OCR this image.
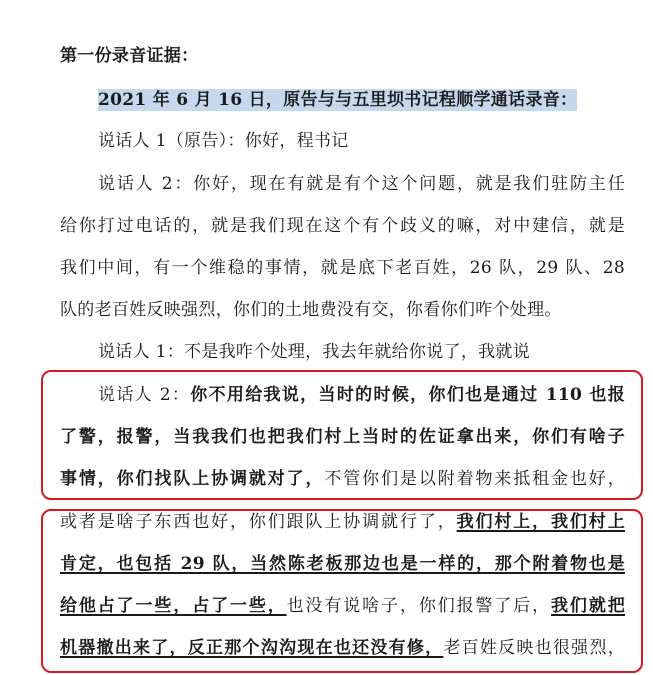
第一份录音证据：
2021 年 6 月 16 日，原告与与五里坝书记程顺学通话录音：
说话人 1（原告）：你好，程书记
说话人 2：你好，现在有就是有个这个问题，就是我们驻防主任
给你打过电话的，就是我们现在这个有个歧义的嘛，对中建信，就是
我们中间，有一个维稳的事情，就是底下老百姓，26 队，29 队、28
队的老百姓反映强烈，你们的土地费没有交，你看你们咋个处理。
说话人 1：不是我咋个处理，我去年就给你说了，我就说
说话人 2：你不用给我说，当时的时候，你们也是通过 110 也报
了警，报警，当我我们也把我们村上当时的佐证拿出来，你们有啥子
事情，你们找队上协调就对了，不管你们是以附着物来抵租金也好，
或者是啥子东西也好，你们跟队上协调就行了，我们村上，我们村上
肯定，也包括 29 队，当然陈老板那边也是一样的，那个附着物也是
给他占了一些，占了一些，也没有说啥子，你们报警了后，我们就把
机器撤出来了，反正那个沟沟现在也还没有修，老百姓反映也很强烈，
